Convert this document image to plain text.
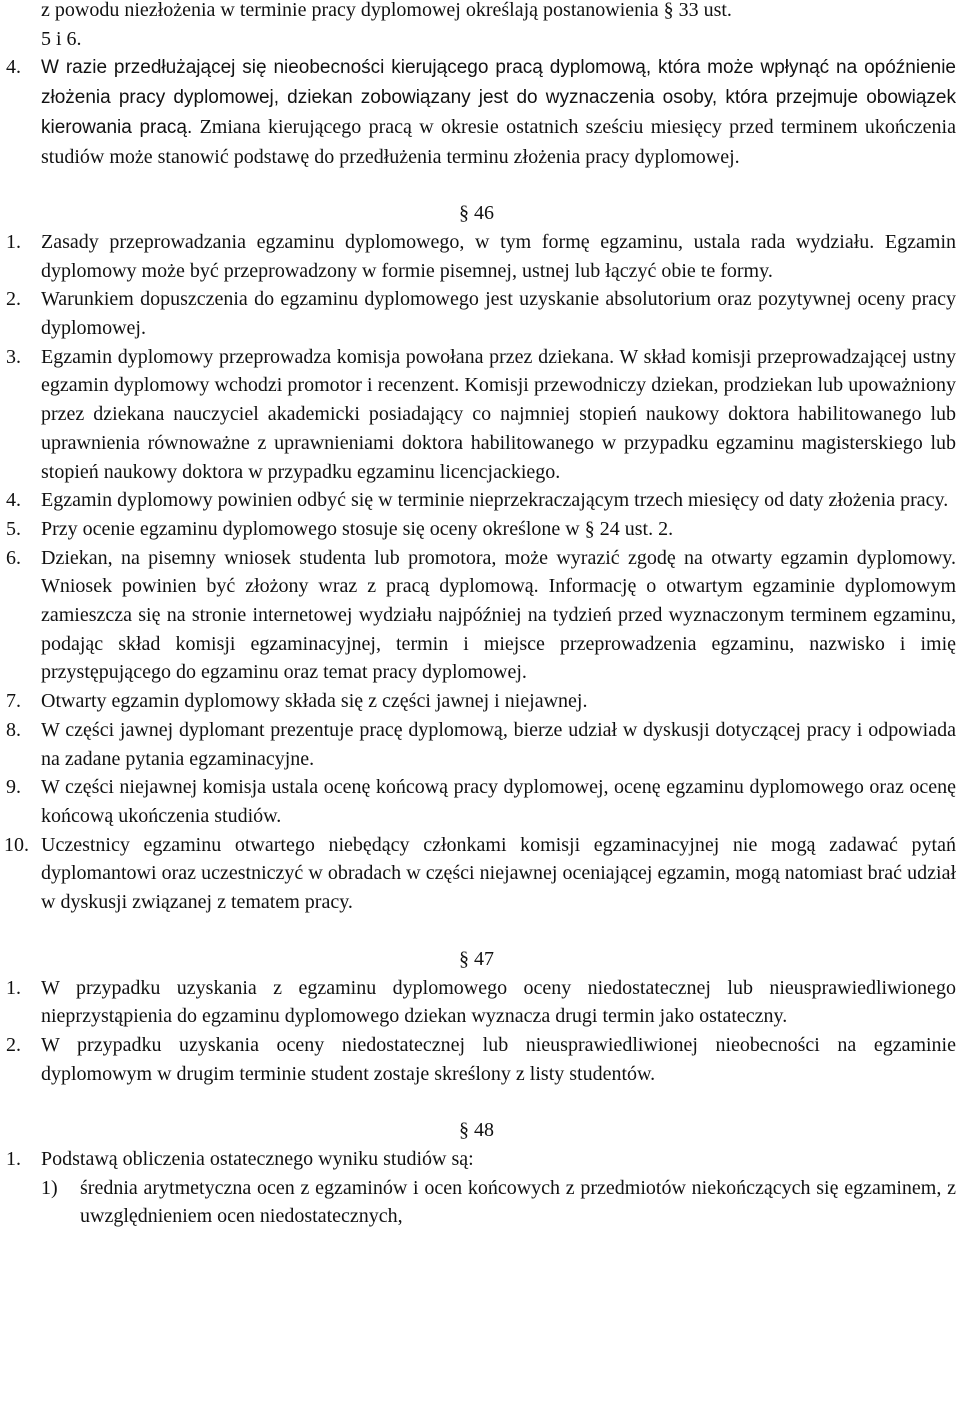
z powodu niezłożenia w terminie pracy dyplomowej określają postanowienia § 33 ust.
5 i 6.

4. W razie przedłużającej się nieobecności kierującego pracą dyplomową, która może wpłynąć na opóźnienie złożenia pracy dyplomowej, dziekan zobowiązany jest do wyznaczenia osoby, która przejmuje obowiązek kierowania pracą. Zmiana kierującego pracą w okresie ostatnich sześciu miesięcy przed terminem ukończenia studiów może stanowić podstawę do przedłużenia terminu złożenia pracy dyplomowej.

§ 46

1. Zasady przeprowadzania egzaminu dyplomowego, w tym formę egzaminu, ustala rada wydziału. Egzamin dyplomowy może być przeprowadzony w formie pisemnej, ustnej lub łączyć obie te formy.

2. Warunkiem dopuszczenia do egzaminu dyplomowego jest uzyskanie absolutorium oraz pozytywnej oceny pracy dyplomowej.

3. Egzamin dyplomowy przeprowadza komisja powołana przez dziekana. W skład komisji przeprowadzającej ustny egzamin dyplomowy wchodzi promotor i recenzent. Komisji przewodniczy dziekan, prodziekan lub upoważniony przez dziekana nauczyciel akademicki posiadający co najmniej stopień naukowy doktora habilitowanego lub uprawnienia równoważne z uprawnieniami doktora habilitowanego w przypadku egzaminu magisterskiego lub stopień naukowy doktora w przypadku egzaminu licencjackiego.

4. Egzamin dyplomowy powinien odbyć się w terminie nieprzekraczającym trzech miesięcy od daty złożenia pracy.

5. Przy ocenie egzaminu dyplomowego stosuje się oceny określone w § 24 ust. 2.

6. Dziekan, na pisemny wniosek studenta lub promotora, może wyrazić zgodę na otwarty egzamin dyplomowy. Wniosek powinien być złożony wraz z pracą dyplomową. Informację o otwartym egzaminie dyplomowym zamieszcza się na stronie internetowej wydziału najpóźniej na tydzień przed wyznaczonym terminem egzaminu, podając skład komisji egzaminacyjnej, termin i miejsce przeprowadzenia egzaminu, nazwisko i imię przystępującego do egzaminu oraz temat pracy dyplomowej.

7. Otwarty egzamin dyplomowy składa się z części jawnej i niejawnej.

8. W części jawnej dyplomant prezentuje pracę dyplomową, bierze udział w dyskusji dotyczącej pracy i odpowiada na zadane pytania egzaminacyjne.

9. W części niejawnej komisja ustala ocenę końcową pracy dyplomowej, ocenę egzaminu dyplomowego oraz ocenę końcową ukończenia studiów.

10. Uczestnicy egzaminu otwartego niebędący członkami komisji egzaminacyjnej nie mogą zadawać pytań dyplomantowi oraz uczestniczyć w obradach w części niejawnej oceniającej egzamin, mogą natomiast brać udział w dyskusji związanej z tematem pracy.

§ 47

1. W przypadku uzyskania z egzaminu dyplomowego oceny niedostatecznej lub nieusprawiedliwionego nieprzystąpienia do egzaminu dyplomowego dziekan wyznacza drugi termin jako ostateczny.

2. W przypadku uzyskania oceny niedostatecznej lub nieusprawiedliwionej nieobecności na egzaminie dyplomowym w drugim terminie student zostaje skreślony z listy studentów.

§ 48

1. Podstawą obliczenia ostatecznego wyniku studiów są:

1) średnia arytmetyczna ocen z egzaminów i ocen końcowych z przedmiotów niekończących się egzaminem, z uwzględnieniem ocen niedostatecznych,
